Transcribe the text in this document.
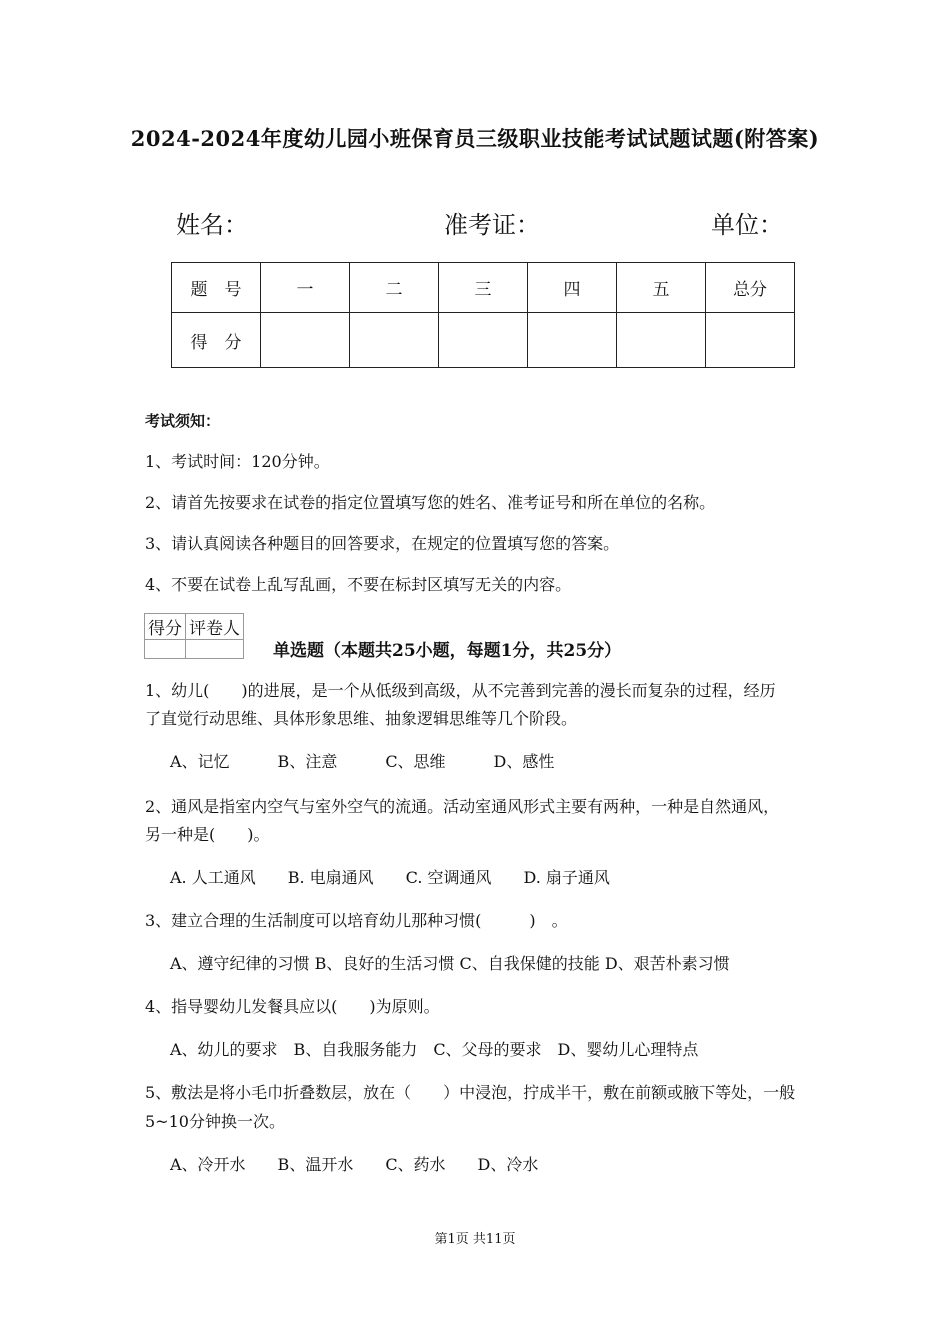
2024-2024年度幼儿园小班保育员三级职业技能考试试题试题(附答案)
姓名：	准考证：	单位：
题　号	一	二	三	四	五	总分
得　分						
考试须知：
1、考试时间：120分钟。
2、请首先按要求在试卷的指定位置填写您的姓名、准考证号和所在单位的名称。
3、请认真阅读各种题目的回答要求，在规定的位置填写您的答案。
4、不要在试卷上乱写乱画，不要在标封区填写无关的内容。
得分	评卷人

单选题（本题共25小题，每题1分，共25分）
1、幼儿(　　)的进展，是一个从低级到高级，从不完善到完善的漫长而复杂的过程，经历
了直觉行动思维、具体形象思维、抽象逻辑思维等几个阶段。
A、记忆　　　B、注意　　　C、思维　　　D、感性
2、通风是指室内空气与室外空气的流通。活动室通风形式主要有两种，一种是自然通风，
另一种是(　　)。
A. 人工通风　　B. 电扇通风　　C. 空调通风　　D. 扇子通风
3、建立合理的生活制度可以培育幼儿那种习惯(　　　)　。
A、遵守纪律的习惯 B、良好的生活习惯 C、自我保健的技能 D、艰苦朴素习惯
4、指导婴幼儿发餐具应以(　　)为原则。
A、幼儿的要求　B、自我服务能力　C、父母的要求　D、婴幼儿心理特点
5、敷法是将小毛巾折叠数层，放在（　　）中浸泡，拧成半干，敷在前额或腋下等处，一般
5~10分钟换一次。
A、冷开水　　B、温开水　　C、药水　　D、冷水
第1页 共11页
